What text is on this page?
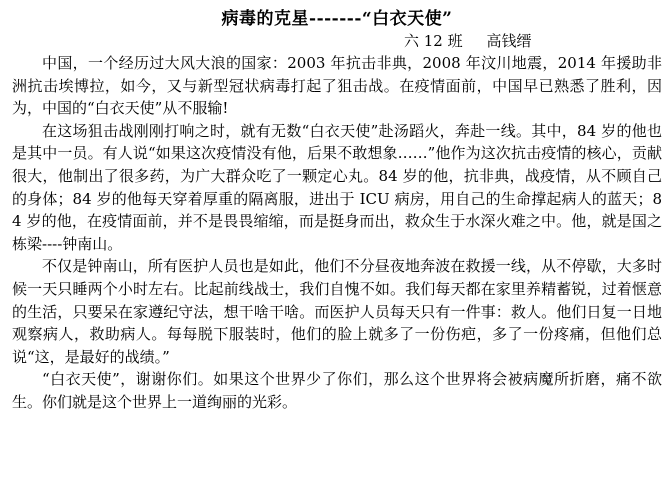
病毒的克星-------“白衣天使”

六 12 班     高钱缙

中国，一个经历过大风大浪的国家：2003 年抗击非典，2008 年汶川地震，2014 年援助非洲抗击埃博拉，如今，又与新型冠状病毒打起了狙击战。在疫情面前，中国早已熟悉了胜利，因为，中国的“白衣天使”从不服输!

在这场狙击战刚刚打响之时，就有无数“白衣天使”赴汤蹈火，奔赴一线。其中，84 岁的他也是其中一员。有人说“如果这次疫情没有他，后果不敢想象……”他作为这次抗击疫情的核心，贡献很大，他制出了很多药，为广大群众吃了一颗定心丸。84 岁的他，抗非典，战疫情，从不顾自己的身体；84 岁的他每天穿着厚重的隔离服，进出于 ICU 病房，用自己的生命撑起病人的蓝天；84 岁的他，在疫情面前，并不是畏畏缩缩，而是挺身而出，救众生于水深火难之中。他，就是国之栋梁----钟南山。

不仅是钟南山，所有医护人员也是如此，他们不分昼夜地奔波在救援一线，从不停歇，大多时候一天只睡两个小时左右。比起前线战士，我们自愧不如。我们每天都在家里养精蓄锐，过着惬意的生活，只要呆在家遵纪守法，想干啥干啥。而医护人员每天只有一件事：救人。他们日复一日地观察病人，救助病人。每每脱下服装时，他们的脸上就多了一份伤疤，多了一份疼痛，但他们总说“这，是最好的战绩。”

“白衣天使”，谢谢你们。如果这个世界少了你们，那么这个世界将会被病魔所折磨，痛不欲生。你们就是这个世界上一道绚丽的光彩。
